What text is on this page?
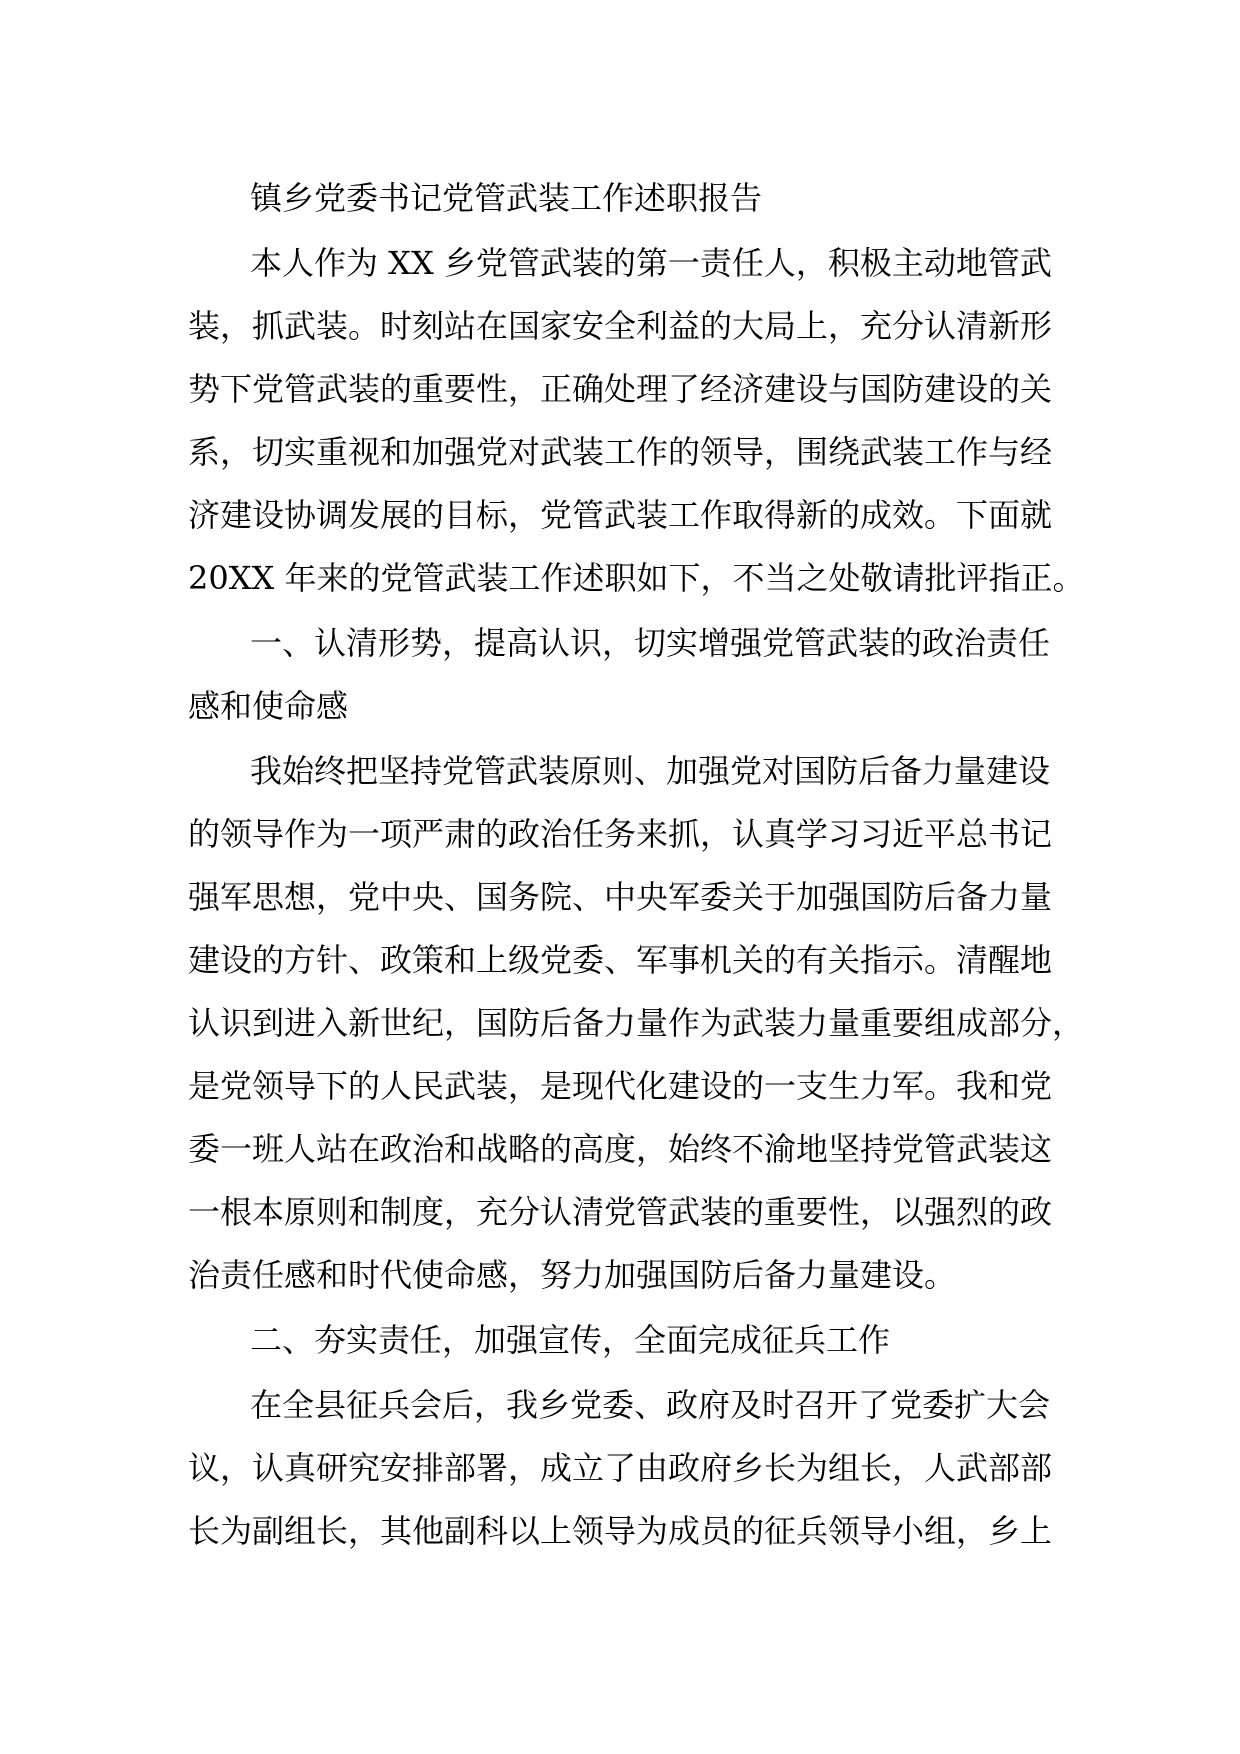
镇乡党委书记党管武装工作述职报告
本人作为 XX 乡党管武装的第一责任人，积极主动地管武
装，抓武装。时刻站在国家安全利益的大局上，充分认清新形
势下党管武装的重要性，正确处理了经济建设与国防建设的关
系，切实重视和加强党对武装工作的领导，围绕武装工作与经
济建设协调发展的目标，党管武装工作取得新的成效。下面就
20XX 年来的党管武装工作述职如下，不当之处敬请批评指正。
一、认清形势，提高认识，切实增强党管武装的政治责任
感和使命感
我始终把坚持党管武装原则、加强党对国防后备力量建设
的领导作为一项严肃的政治任务来抓，认真学习习近平总书记
强军思想，党中央、国务院、中央军委关于加强国防后备力量
建设的方针、政策和上级党委、军事机关的有关指示。清醒地
认识到进入新世纪，国防后备力量作为武装力量重要组成部分，
是党领导下的人民武装，是现代化建设的一支生力军。我和党
委一班人站在政治和战略的高度，始终不渝地坚持党管武装这
一根本原则和制度，充分认清党管武装的重要性，以强烈的政
治责任感和时代使命感，努力加强国防后备力量建设。
二、夯实责任，加强宣传，全面完成征兵工作
在全县征兵会后，我乡党委、政府及时召开了党委扩大会
议，认真研究安排部署，成立了由政府乡长为组长，人武部部
长为副组长，其他副科以上领导为成员的征兵领导小组，乡上
